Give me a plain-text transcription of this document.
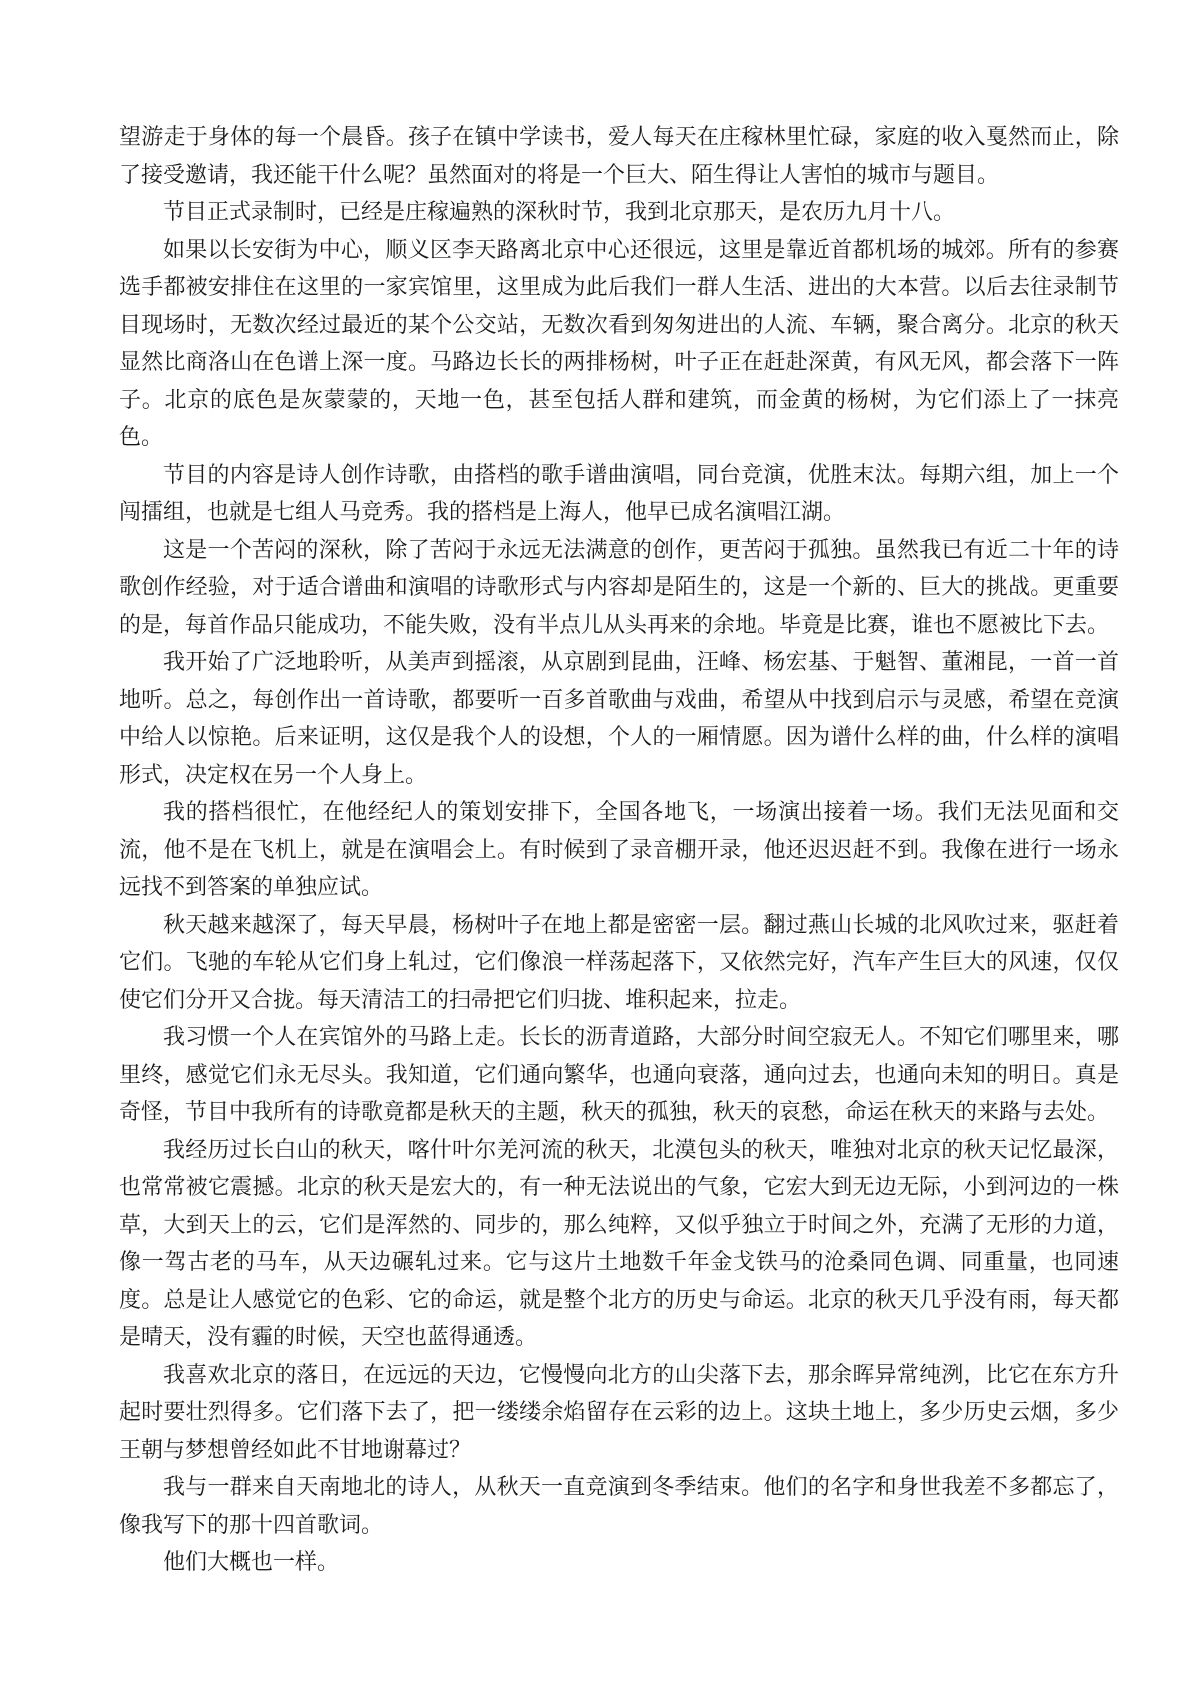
望游走于身体的每一个晨昏。孩子在镇中学读书，爱人每天在庄稼林里忙碌，家庭的收入戛然而止，除了接受邀请，我还能干什么呢？虽然面对的将是一个巨大、陌生得让人害怕的城市与题目。

节目正式录制时，已经是庄稼遍熟的深秋时节，我到北京那天，是农历九月十八。

如果以长安街为中心，顺义区李天路离北京中心还很远，这里是靠近首都机场的城郊。所有的参赛选手都被安排住在这里的一家宾馆里，这里成为此后我们一群人生活、进出的大本营。以后去往录制节目现场时，无数次经过最近的某个公交站，无数次看到匆匆进出的人流、车辆，聚合离分。北京的秋天显然比商洛山在色谱上深一度。马路边长长的两排杨树，叶子正在赶赴深黄，有风无风，都会落下一阵子。北京的底色是灰蒙蒙的，天地一色，甚至包括人群和建筑，而金黄的杨树，为它们添上了一抹亮色。

节目的内容是诗人创作诗歌，由搭档的歌手谱曲演唱，同台竞演，优胜末汰。每期六组，加上一个闯擂组，也就是七组人马竞秀。我的搭档是上海人，他早已成名演唱江湖。

这是一个苦闷的深秋，除了苦闷于永远无法满意的创作，更苦闷于孤独。虽然我已有近二十年的诗歌创作经验，对于适合谱曲和演唱的诗歌形式与内容却是陌生的，这是一个新的、巨大的挑战。更重要的是，每首作品只能成功，不能失败，没有半点儿从头再来的余地。毕竟是比赛，谁也不愿被比下去。

我开始了广泛地聆听，从美声到摇滚，从京剧到昆曲，汪峰、杨宏基、于魁智、董湘昆，一首一首地听。总之，每创作出一首诗歌，都要听一百多首歌曲与戏曲，希望从中找到启示与灵感，希望在竞演中给人以惊艳。后来证明，这仅是我个人的设想，个人的一厢情愿。因为谱什么样的曲，什么样的演唱形式，决定权在另一个人身上。

我的搭档很忙，在他经纪人的策划安排下，全国各地飞，一场演出接着一场。我们无法见面和交流，他不是在飞机上，就是在演唱会上。有时候到了录音棚开录，他还迟迟赶不到。我像在进行一场永远找不到答案的单独应试。

秋天越来越深了，每天早晨，杨树叶子在地上都是密密一层。翻过燕山长城的北风吹过来，驱赶着它们。飞驰的车轮从它们身上轧过，它们像浪一样荡起落下，又依然完好，汽车产生巨大的风速，仅仅使它们分开又合拢。每天清洁工的扫帚把它们归拢、堆积起来，拉走。

我习惯一个人在宾馆外的马路上走。长长的沥青道路，大部分时间空寂无人。不知它们哪里来，哪里终，感觉它们永无尽头。我知道，它们通向繁华，也通向衰落，通向过去，也通向未知的明日。真是奇怪，节目中我所有的诗歌竟都是秋天的主题，秋天的孤独，秋天的哀愁，命运在秋天的来路与去处。

我经历过长白山的秋天，喀什叶尔羌河流的秋天，北漠包头的秋天，唯独对北京的秋天记忆最深，也常常被它震撼。北京的秋天是宏大的，有一种无法说出的气象，它宏大到无边无际，小到河边的一株草，大到天上的云，它们是浑然的、同步的，那么纯粹，又似乎独立于时间之外，充满了无形的力道，像一驾古老的马车，从天边碾轧过来。它与这片土地数千年金戈铁马的沧桑同色调、同重量，也同速度。总是让人感觉它的色彩、它的命运，就是整个北方的历史与命运。北京的秋天几乎没有雨，每天都是晴天，没有霾的时候，天空也蓝得通透。

我喜欢北京的落日，在远远的天边，它慢慢向北方的山尖落下去，那余晖异常纯洌，比它在东方升起时要壮烈得多。它们落下去了，把一缕缕余焰留存在云彩的边上。这块土地上，多少历史云烟，多少王朝与梦想曾经如此不甘地谢幕过？

我与一群来自天南地北的诗人，从秋天一直竞演到冬季结束。他们的名字和身世我差不多都忘了，像我写下的那十四首歌词。

他们大概也一样。
